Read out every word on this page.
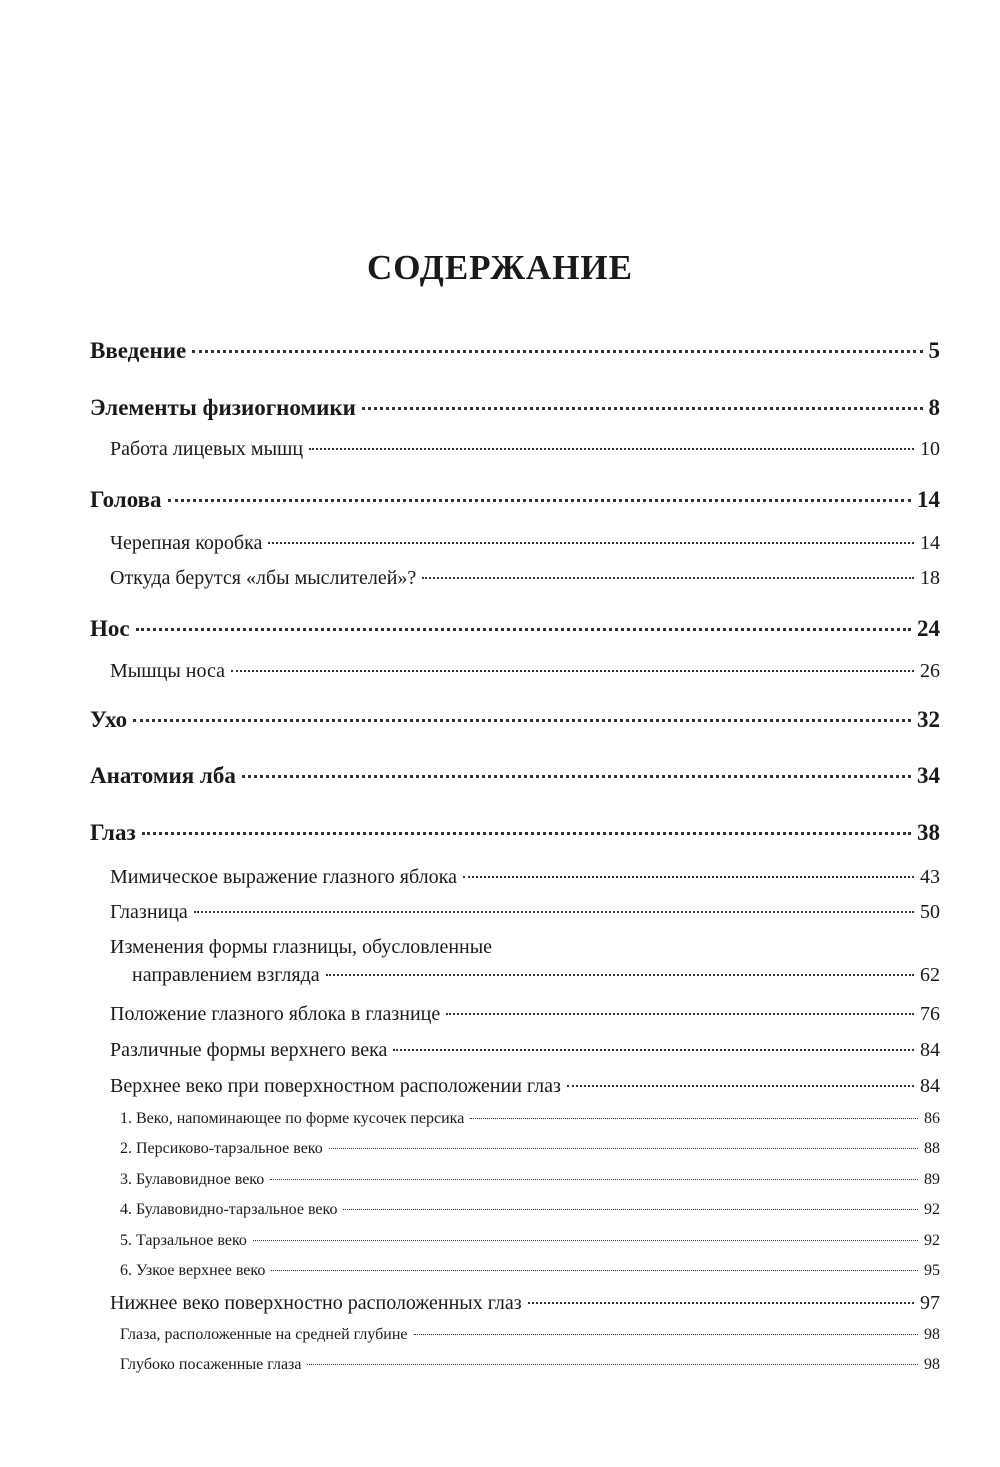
СОДЕРЖАНИЕ
Введение	5
Элементы физиогномики	8
Работа лицевых мышц	10
Голова	14
Черепная коробка	14
Откуда берутся «лбы мыслителей»?	18
Нос	24
Мышцы носа	26
Ухо	32
Анатомия лба	34
Глаз	38
Мимическое выражение глазного яблока	43
Глазница	50
Изменения формы глазницы, обусловленные
направлением взгляда	62
Положение глазного яблока в глазнице	76
Различные формы верхнего века	84
Верхнее веко при поверхностном расположении глаз	84
1. Веко, напоминающее по форме кусочек персика	86
2. Персиково-тарзальное веко	88
3. Булавовидное веко	89
4. Булавовидно-тарзальное веко	92
5. Тарзальное веко	92
6. Узкое верхнее веко	95
Нижнее веко поверхностно расположенных глаз	97
Глаза, расположенные на средней глубине	98
Глубоко посаженные глаза	98
